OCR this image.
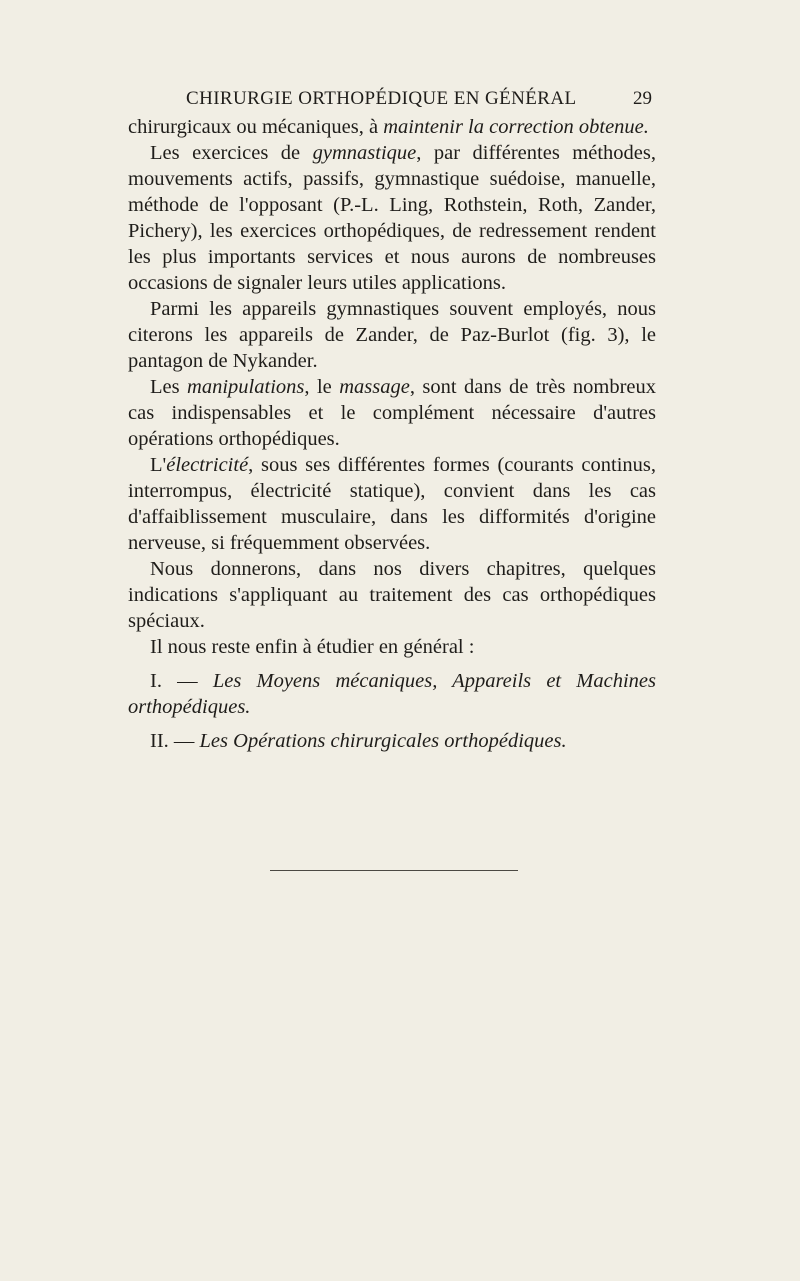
CHIRURGIE ORTHOPÉDIQUE EN GÉNÉRAL	29

chirurgicaux ou mécaniques, à maintenir la correction obtenue.

Les exercices de gymnastique, par différentes méthodes, mouvements actifs, passifs, gymnastique suédoise, manuelle, méthode de l'opposant (P.-L. Ling, Rothstein, Roth, Zander, Pichery), les exercices orthopédiques, de redressement rendent les plus importants services et nous aurons de nombreuses occasions de signaler leurs utiles applications.

Parmi les appareils gymnastiques souvent employés, nous citerons les appareils de Zander, de Paz-Burlot (fig. 3), le pantagon de Nykander.

Les manipulations, le massage, sont dans de très nombreux cas indispensables et le complément nécessaire d'autres opérations orthopédiques.

L'électricité, sous ses différentes formes (courants continus, interrompus, électricité statique), convient dans les cas d'affaiblissement musculaire, dans les difformités d'origine nerveuse, si fréquemment observées.

Nous donnerons, dans nos divers chapitres, quelques indications s'appliquant au traitement des cas orthopédiques spéciaux.

Il nous reste enfin à étudier en général :

I. — Les Moyens mécaniques, Appareils et Machines orthopédiques.

II. — Les Opérations chirurgicales orthopédiques.
